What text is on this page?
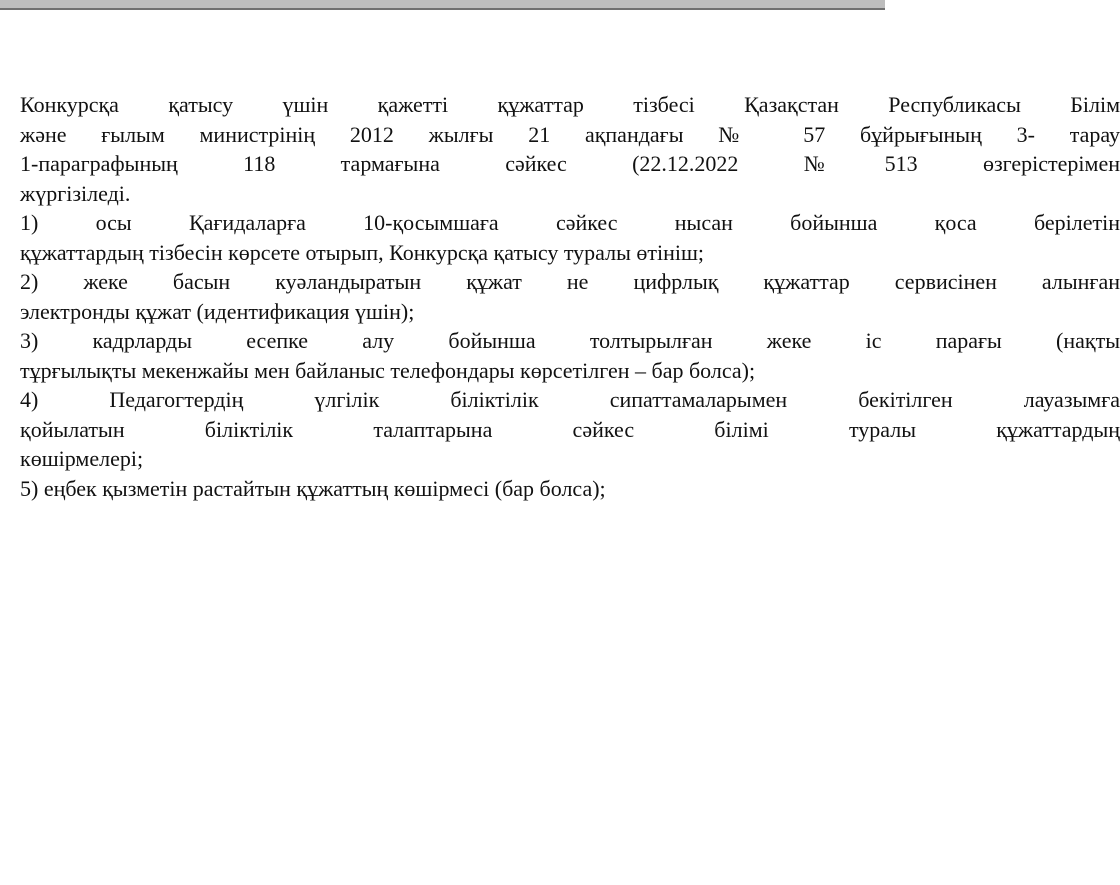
Конкурсқа қатысу үшін қажетті құжаттар тізбесі Қазақстан Республикасы Білім
және ғылым министрінің 2012 жылғы 21 ақпандағы № 57 бұйрығының 3- тарау
1-параграфының 118 тармағына сәйкес (22.12.2022 №513 өзгерістерімен
жүргізіледі.
1) осы Қағидаларға 10-қосымшаға сәйкес нысан бойынша қоса берілетін
құжаттардың тізбесін көрсете отырып, Конкурсқа қатысу туралы өтініш;
2) жеке басын куәландыратын құжат не цифрлық құжаттар сервисінен алынған
электронды құжат (идентификация үшін);
3) кадрларды есепке алу бойынша толтырылған жеке іс парағы (нақты
тұрғылықты мекенжайы мен байланыс телефондары көрсетілген – бар болса);
4) Педагогтердің үлгілік біліктілік сипаттамаларымен бекітілген лауазымға
қойылатын біліктілік талаптарына сәйкес білімі туралы құжаттардың
көшірмелері;
5) еңбек қызметін растайтын құжаттың көшірмесі (бар болса);
